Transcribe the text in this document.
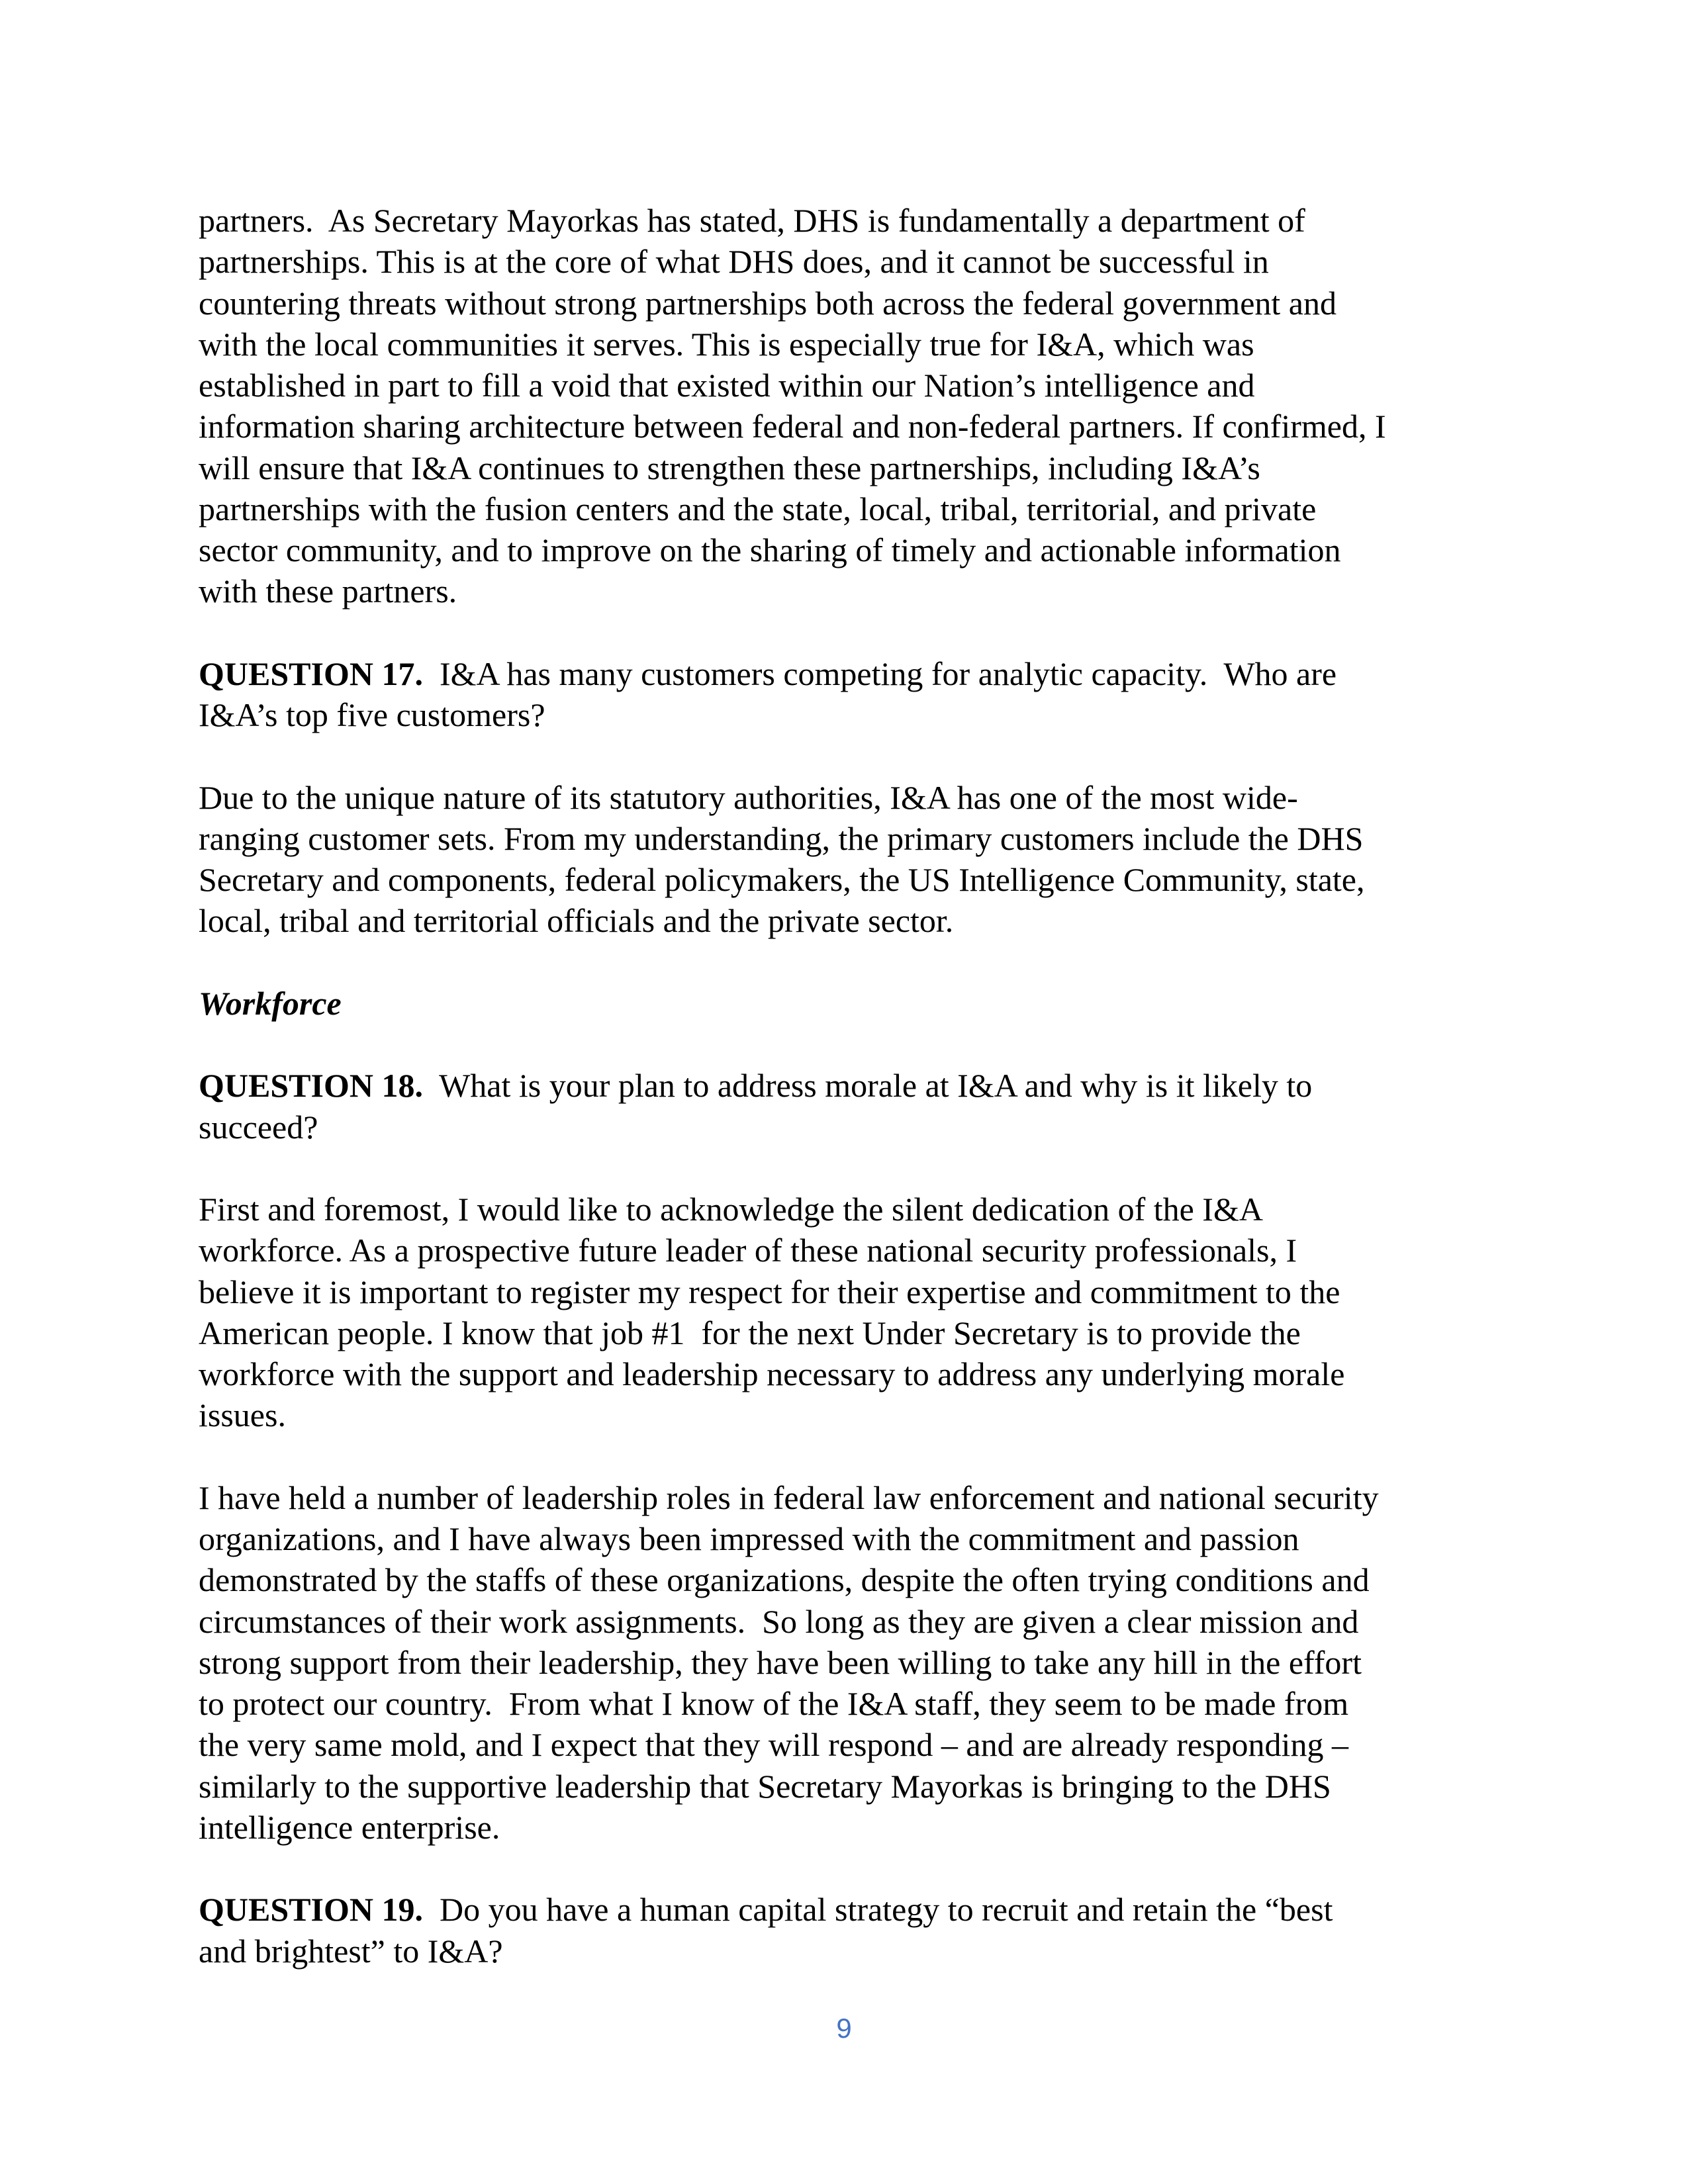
partners.  As Secretary Mayorkas has stated, DHS is fundamentally a department of
partnerships. This is at the core of what DHS does, and it cannot be successful in
countering threats without strong partnerships both across the federal government and
with the local communities it serves. This is especially true for I&A, which was
established in part to fill a void that existed within our Nation’s intelligence and
information sharing architecture between federal and non-federal partners. If confirmed, I
will ensure that I&A continues to strengthen these partnerships, including I&A’s
partnerships with the fusion centers and the state, local, tribal, territorial, and private
sector community, and to improve on the sharing of timely and actionable information
with these partners.

QUESTION 17.  I&A has many customers competing for analytic capacity.  Who are
I&A’s top five customers?

Due to the unique nature of its statutory authorities, I&A has one of the most wide-
ranging customer sets. From my understanding, the primary customers include the DHS
Secretary and components, federal policymakers, the US Intelligence Community, state,
local, tribal and territorial officials and the private sector.

Workforce

QUESTION 18.  What is your plan to address morale at I&A and why is it likely to
succeed?

First and foremost, I would like to acknowledge the silent dedication of the I&A
workforce. As a prospective future leader of these national security professionals, I
believe it is important to register my respect for their expertise and commitment to the
American people. I know that job #1  for the next Under Secretary is to provide the
workforce with the support and leadership necessary to address any underlying morale
issues.

I have held a number of leadership roles in federal law enforcement and national security
organizations, and I have always been impressed with the commitment and passion
demonstrated by the staffs of these organizations, despite the often trying conditions and
circumstances of their work assignments.  So long as they are given a clear mission and
strong support from their leadership, they have been willing to take any hill in the effort
to protect our country.  From what I know of the I&A staff, they seem to be made from
the very same mold, and I expect that they will respond – and are already responding –
similarly to the supportive leadership that Secretary Mayorkas is bringing to the DHS
intelligence enterprise.

QUESTION 19.  Do you have a human capital strategy to recruit and retain the “best
and brightest” to I&A?

9
